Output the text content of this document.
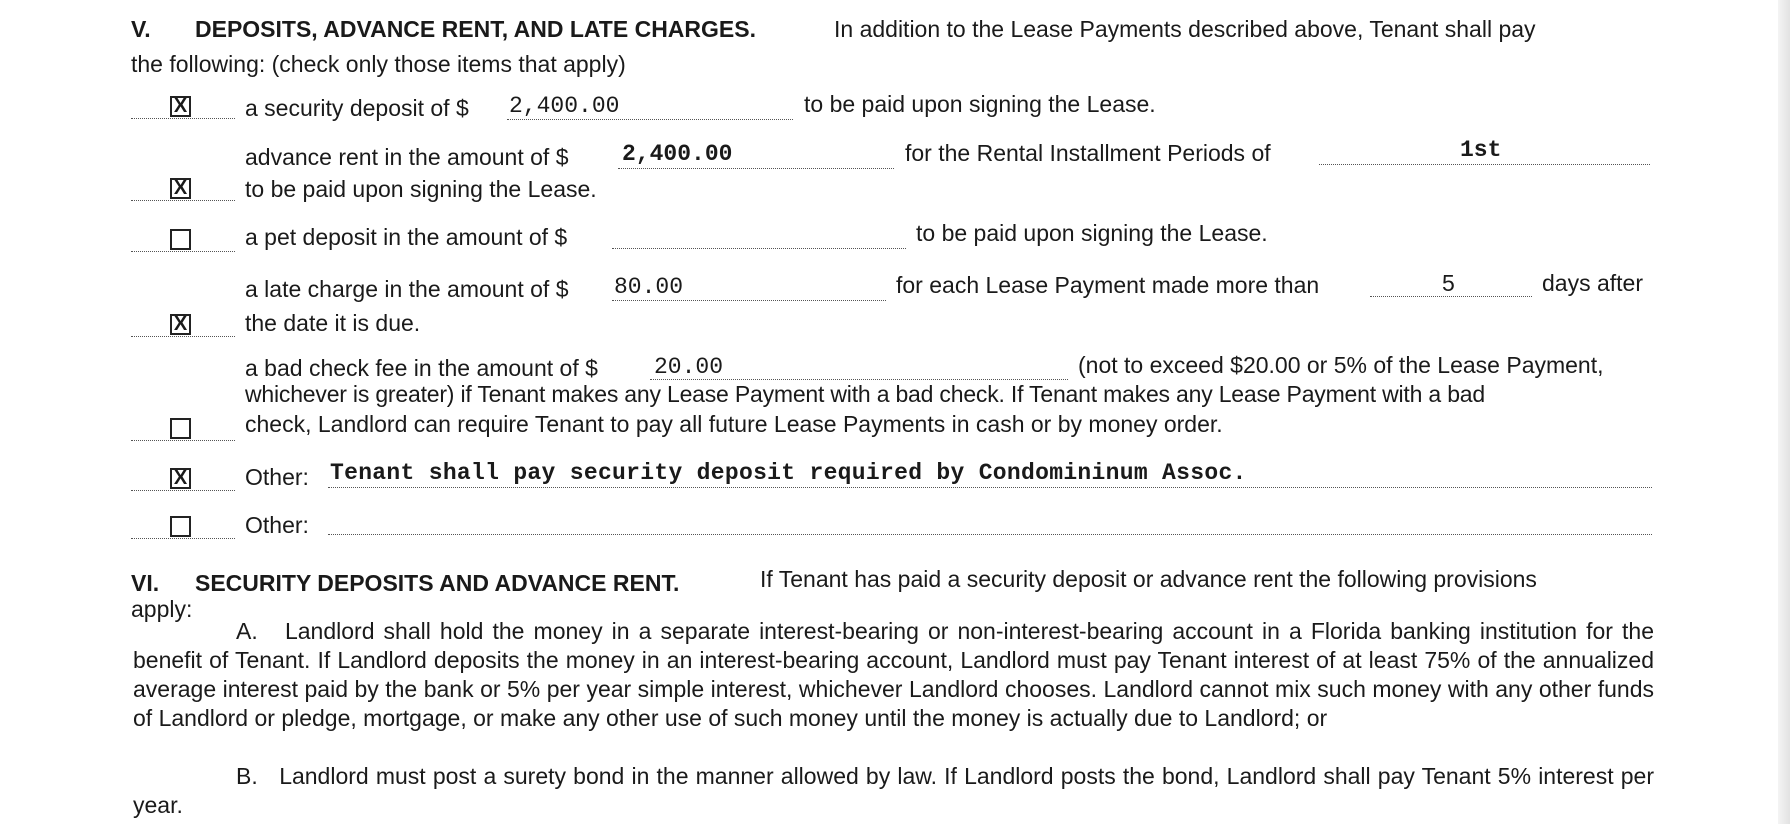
V. DEPOSITS, ADVANCE RENT, AND LATE CHARGES.	In addition to the Lease Payments described above, Tenant shall pay
the following: (check only those items that apply)
X	a security deposit of $ 2,400.00	to be paid upon signing the Lease.
advance rent in the amount of $ 2,400.00	for the Rental Installment Periods of	1st
X	to be paid upon signing the Lease.
a pet deposit in the amount of $	to be paid upon signing the Lease.
a late charge in the amount of $ 80.00	for each Lease Payment made more than	5	days after
X	the date it is due.
a bad check fee in the amount of $ 20.00	(not to exceed $20.00 or 5% of the Lease Payment,
whichever is greater) if Tenant makes any Lease Payment with a bad check. If Tenant makes any Lease Payment with a bad
check, Landlord can require Tenant to pay all future Lease Payments in cash or by money order.
X	Other: Tenant shall pay security deposit required by Condomininum Assoc.
Other:
VI. SECURITY DEPOSITS AND ADVANCE RENT.	If Tenant has paid a security deposit or advance rent the following provisions
apply:
A. Landlord shall hold the money in a separate interest-bearing or non-interest-bearing account in a Florida banking institution for the benefit of Tenant. If Landlord deposits the money in an interest-bearing account, Landlord must pay Tenant interest of at least 75% of the annualized average interest paid by the bank or 5% per year simple interest, whichever Landlord chooses. Landlord cannot mix such money with any other funds of Landlord or pledge, mortgage, or make any other use of such money until the money is actually due to Landlord; or
B. Landlord must post a surety bond in the manner allowed by law. If Landlord posts the bond, Landlord shall pay Tenant 5% interest per year.
